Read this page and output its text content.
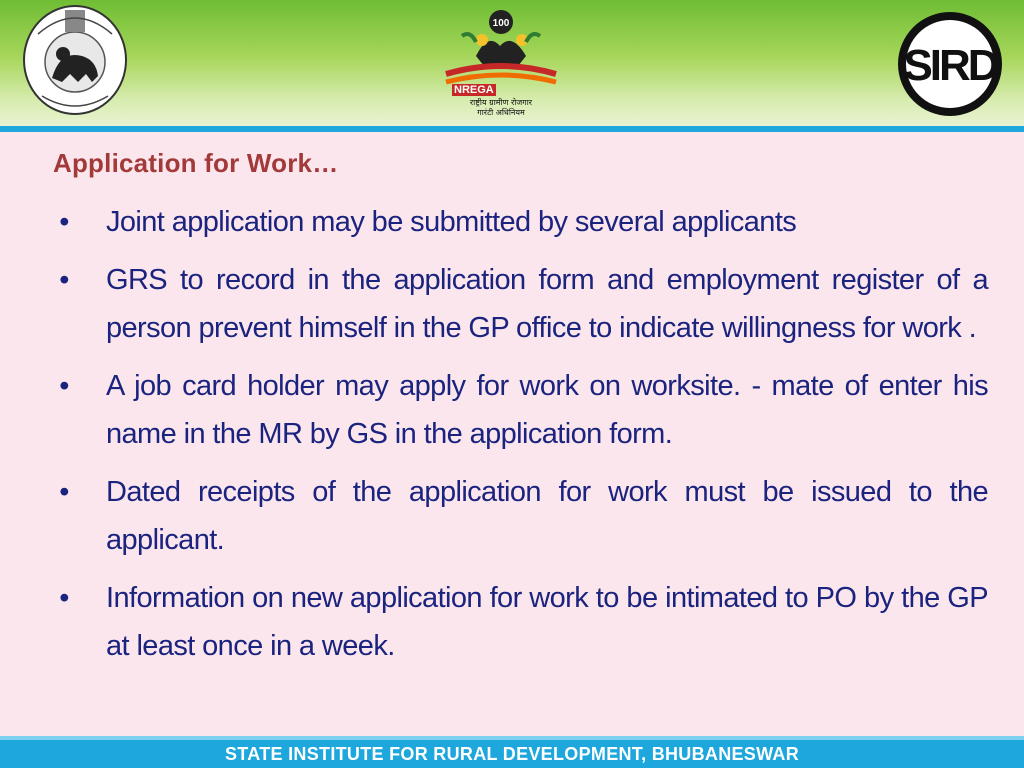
100
NREGA
राष्ट्रीय ग्रामीण रोजगार
गारंटी अधिनियम
SIRD
Application for Work…
• Joint application may be submitted by several applicants
• GRS to record in the application form and employment register of a person prevent himself in the GP office to indicate willingness for work .
• A job card holder may apply for work on worksite. - mate of enter his name in the MR by GS in the application form.
• Dated receipts of the application for work must be issued to the applicant.
• Information on new application for work to be intimated to PO by the GP at least once in a week.
STATE INSTITUTE FOR RURAL DEVELOPMENT, BHUBANESWAR
